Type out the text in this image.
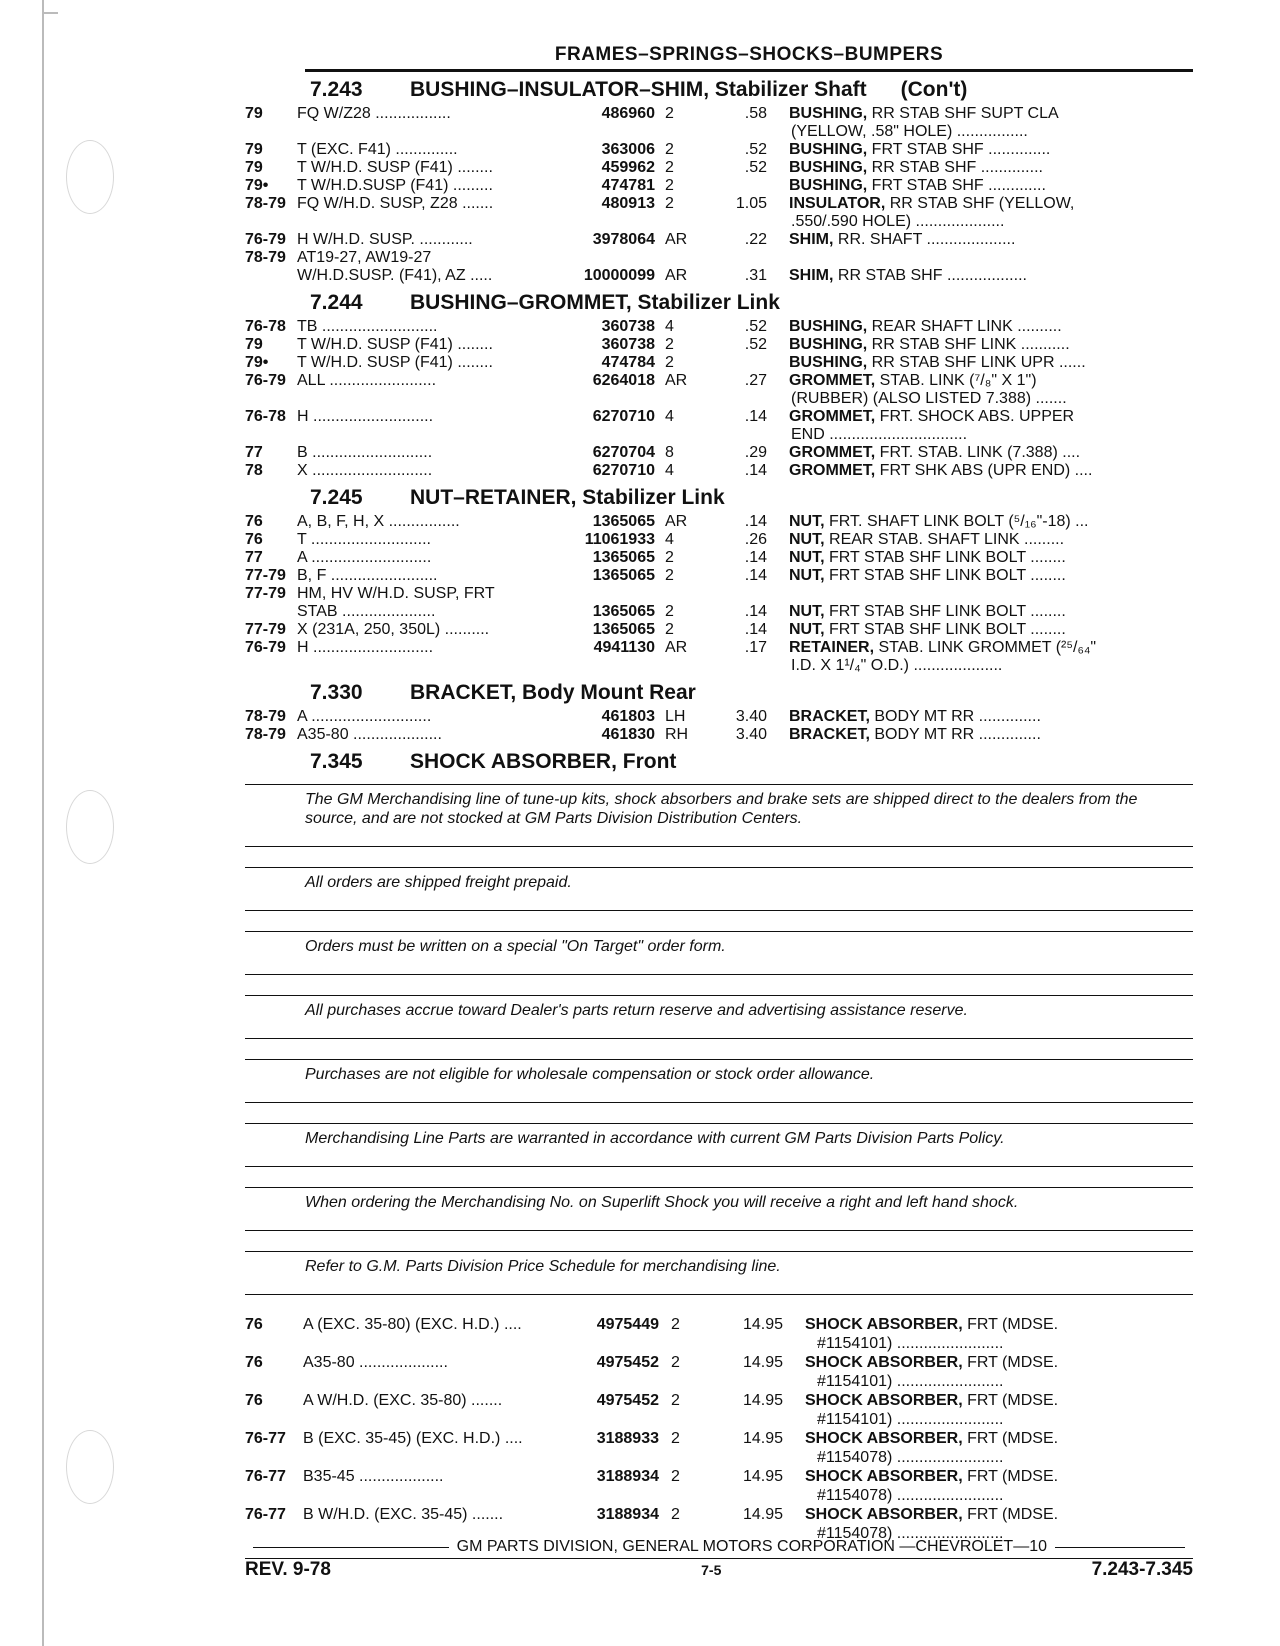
FRAMES–SPRINGS–SHOCKS–BUMPERS
7.243	BUSHING–INSULATOR–SHIM, Stabilizer Shaft (Con't)
79	FQ W/Z28 .................	486960 2	.58	BUSHING, RR STAB SHF SUPT CLA
(YELLOW, .58" HOLE) ................
79	T (EXC. F41) ..............	363006 2	.52	BUSHING, FRT STAB SHF ..............
79	T W/H.D. SUSP (F41) ........	459962 2	.52	BUSHING, RR STAB SHF ..............
79•	T W/H.D.SUSP (F41) .........	474781 2	BUSHING, FRT STAB SHF .............
78-79 FQ W/H.D. SUSP, Z28 .......	480913 2	1.05	INSULATOR, RR STAB SHF (YELLOW,
.550/.590 HOLE) ....................
76-79 H W/H.D. SUSP. ............	3978064 AR	.22	SHIM, RR. SHAFT ....................
78-79 AT19-27, AW19-27
W/H.D.SUSP. (F41), AZ .....	10000099 AR	.31	SHIM, RR STAB SHF ..................
7.244	BUSHING–GROMMET, Stabilizer Link
76-78 TB ..........................	360738 4	.52	BUSHING, REAR SHAFT LINK ..........
79	T W/H.D. SUSP (F41) ........	360738 2	.52	BUSHING, RR STAB SHF LINK ...........
79•	T W/H.D. SUSP (F41) ........	474784 2	BUSHING, RR STAB SHF LINK UPR ......
76-79 ALL ........................	6264018 AR	.27	GROMMET, STAB. LINK (⁷/₈" X 1")
(RUBBER) (ALSO LISTED 7.388) .......
76-78 H ...........................	6270710 4	.14	GROMMET, FRT. SHOCK ABS. UPPER
END ...............................
77	B ...........................	6270704 8	.29	GROMMET, FRT. STAB. LINK (7.388) ....
78	X ...........................	6270710 4	.14	GROMMET, FRT SHK ABS (UPR END) ....
7.245	NUT–RETAINER, Stabilizer Link
76	A, B, F, H, X ................	1365065 AR	.14	NUT, FRT. SHAFT LINK BOLT (⁵/₁₆"-18) ...
76	T ...........................	11061933 4	.26	NUT, REAR STAB. SHAFT LINK .........
77	A ...........................	1365065 2	.14	NUT, FRT STAB SHF LINK BOLT ........
77-79 B, F ........................	1365065 2	.14	NUT, FRT STAB SHF LINK BOLT ........
77-79 HM, HV W/H.D. SUSP, FRT
STAB .....................	1365065 2	.14	NUT, FRT STAB SHF LINK BOLT ........
77-79 X (231A, 250, 350L) ..........	1365065 2	.14	NUT, FRT STAB SHF LINK BOLT ........
76-79 H ...........................	4941130 AR	.17	RETAINER, STAB. LINK GROMMET (²⁵/₆₄"
I.D. X 1¹/₄" O.D.) ....................
7.330	BRACKET, Body Mount Rear
78-79 A ...........................	461803 LH	3.40	BRACKET, BODY MT RR ..............
78-79 A35-80 ....................	461830 RH	3.40	BRACKET, BODY MT RR ..............
7.345	SHOCK ABSORBER, Front
The GM Merchandising line of tune-up kits, shock absorbers and brake sets are shipped direct to the dealers from the source, and are not stocked at GM Parts Division Distribution Centers.
All orders are shipped freight prepaid.
Orders must be written on a special "On Target" order form.
All purchases accrue toward Dealer's parts return reserve and advertising assistance reserve.
Purchases are not eligible for wholesale compensation or stock order allowance.
Merchandising Line Parts are warranted in accordance with current GM Parts Division Parts Policy.
When ordering the Merchandising No. on Superlift Shock you will receive a right and left hand shock.
Refer to G.M. Parts Division Price Schedule for merchandising line.
76	A (EXC. 35-80) (EXC. H.D.) ....	4975449 2	14.95 SHOCK ABSORBER, FRT (MDSE.
#1154101) ........................
76	A35-80 ....................	4975452 2	14.95 SHOCK ABSORBER, FRT (MDSE.
#1154101) ........................
76	A W/H.D. (EXC. 35-80) .......	4975452 2	14.95 SHOCK ABSORBER, FRT (MDSE.
#1154101) ........................
76-77	B (EXC. 35-45) (EXC. H.D.) ....	3188933 2	14.95 SHOCK ABSORBER, FRT (MDSE.
#1154078) ........................
76-77	B35-45 ...................	3188934 2	14.95 SHOCK ABSORBER, FRT (MDSE.
#1154078) ........................
76-77	B W/H.D. (EXC. 35-45) .......	3188934 2	14.95 SHOCK ABSORBER, FRT (MDSE.
#1154078) ........................
GM PARTS DIVISION, GENERAL MOTORS CORPORATION —CHEVROLET—10
REV. 9-78	7-5	7.243-7.345
